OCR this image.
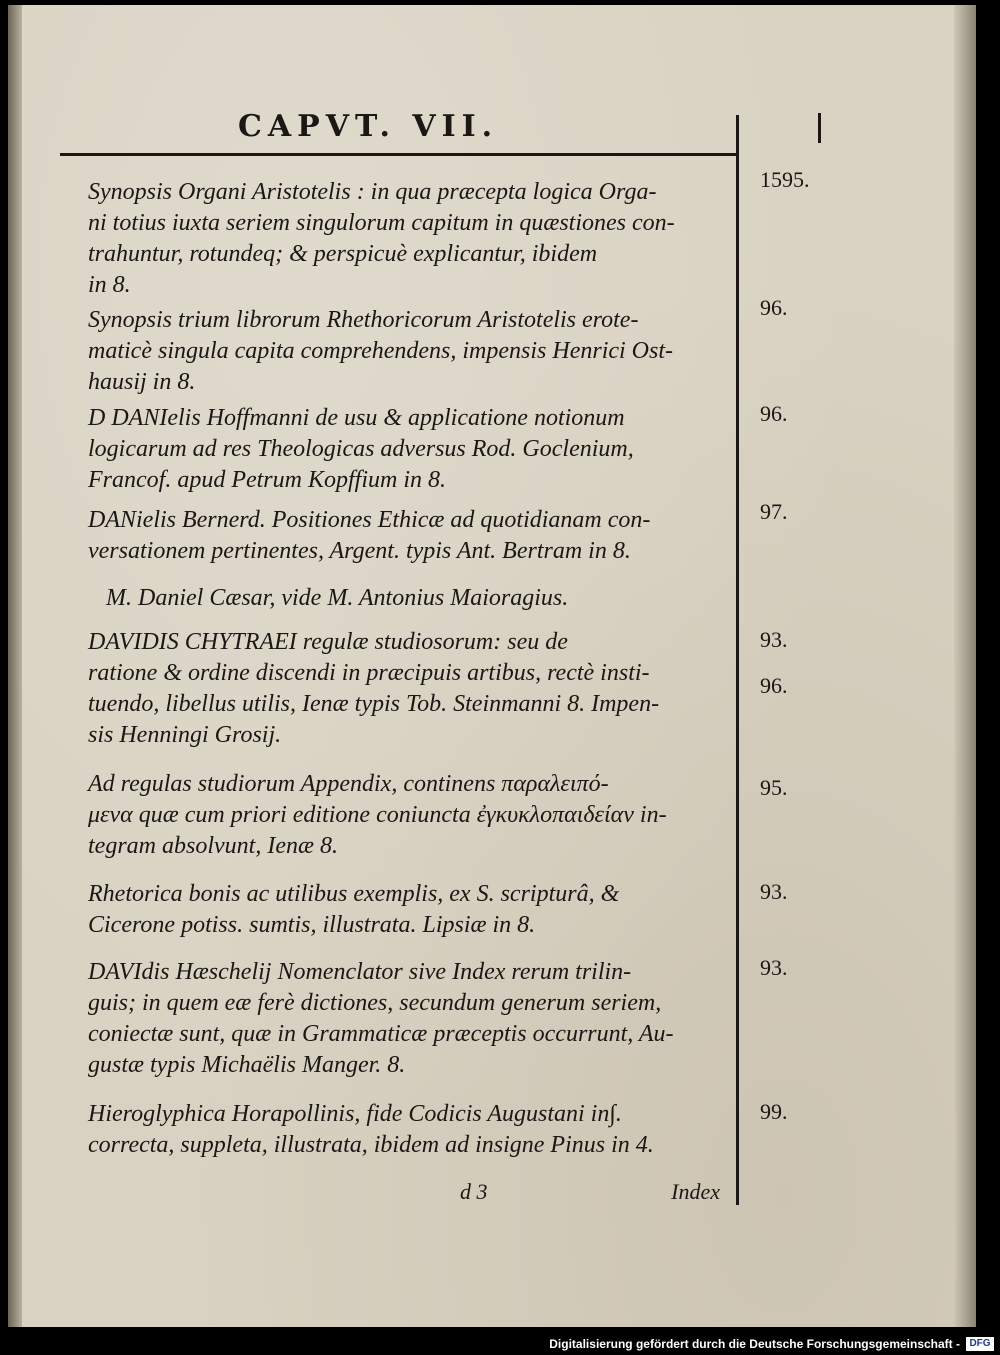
CAPVT. VII.
Synopsis Organi Aristotelis : in qua præcepta logica Orga-
ni totius iuxta seriem singulorum capitum in quæstiones con-
trahuntur, rotundeq; & perspicuè explicantur, ibidem
in 8.
1595.
Synopsis trium librorum Rhethoricorum Aristotelis erote-
maticè singula capita comprehendens, impensis Henrici Ost-
hausij in 8.
96.
D DANIelis Hoffmanni de usu & applicatione notionum
logicarum ad res Theologicas adversus Rod. Goclenium,
Francof. apud Petrum Kopffium in 8.
96.
DANielis Bernerd. Positiones Ethicæ ad quotidianam con-
versationem pertinentes, Argent. typis Ant. Bertram in 8.
97.
M. Daniel Cæsar, vide M. Antonius Maioragius.
DAVIDIS CHYTRAEI regulæ studiosorum: seu de
ratione & ordine discendi in præcipuis artibus, rectè insti-
tuendo, libellus utilis, Ienæ typis Tob. Steinmanni 8. Impen-
sis Henningi Grosij.
93.
96.
Ad regulas studiorum Appendix, continens παραλειπό-
μενα quæ cum priori editione coniuncta ἐγκυκλοπαιδείαν in-
tegram absolvunt, Ienæ 8.
95.
Rhetorica bonis ac utilibus exemplis, ex S. scripturâ, &
Cicerone potiss. sumtis, illustrata. Lipsiæ in 8.
93.
DAVIdis Hæschelij Nomenclator sive Index rerum trilin-
guis; in quem eæ ferè dictiones, secundum generum seriem,
coniectæ sunt, quæ in Grammaticæ præceptis occurrunt, Au-
gustæ typis Michaëlis Manger. 8.
93.
Hieroglyphica Horapollinis, fide Codicis Augustani in∫.
correcta, suppleta, illustrata, ibidem ad insigne Pinus in 4.
99.
d 3	Index
Digitalisierung gefördert durch die Deutsche Forschungsgemeinschaft - DFG
